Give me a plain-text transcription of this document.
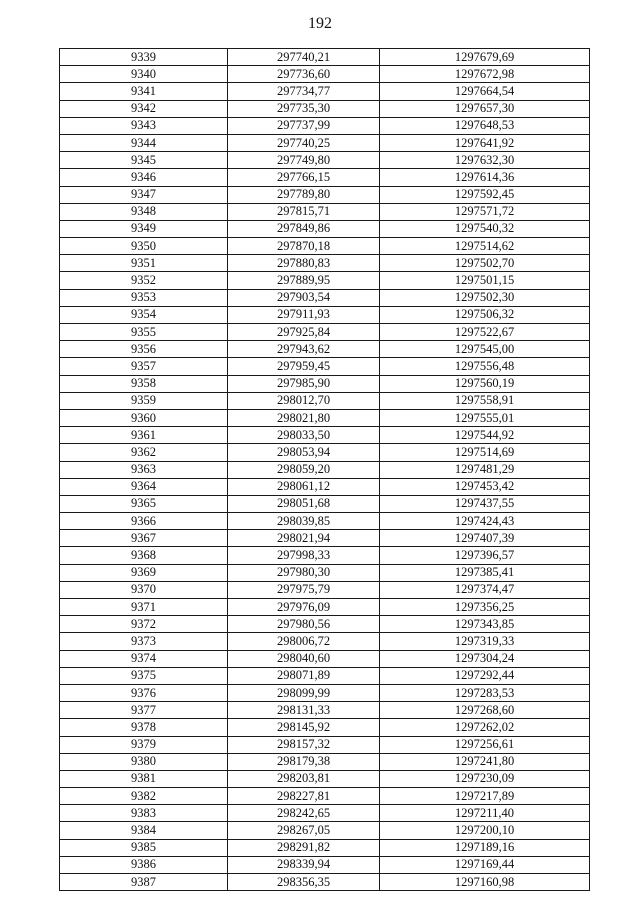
192
9339	297740,21	1297679,69
9340	297736,60	1297672,98
9341	297734,77	1297664,54
9342	297735,30	1297657,30
9343	297737,99	1297648,53
9344	297740,25	1297641,92
9345	297749,80	1297632,30
9346	297766,15	1297614,36
9347	297789,80	1297592,45
9348	297815,71	1297571,72
9349	297849,86	1297540,32
9350	297870,18	1297514,62
9351	297880,83	1297502,70
9352	297889,95	1297501,15
9353	297903,54	1297502,30
9354	297911,93	1297506,32
9355	297925,84	1297522,67
9356	297943,62	1297545,00
9357	297959,45	1297556,48
9358	297985,90	1297560,19
9359	298012,70	1297558,91
9360	298021,80	1297555,01
9361	298033,50	1297544,92
9362	298053,94	1297514,69
9363	298059,20	1297481,29
9364	298061,12	1297453,42
9365	298051,68	1297437,55
9366	298039,85	1297424,43
9367	298021,94	1297407,39
9368	297998,33	1297396,57
9369	297980,30	1297385,41
9370	297975,79	1297374,47
9371	297976,09	1297356,25
9372	297980,56	1297343,85
9373	298006,72	1297319,33
9374	298040,60	1297304,24
9375	298071,89	1297292,44
9376	298099,99	1297283,53
9377	298131,33	1297268,60
9378	298145,92	1297262,02
9379	298157,32	1297256,61
9380	298179,38	1297241,80
9381	298203,81	1297230,09
9382	298227,81	1297217,89
9383	298242,65	1297211,40
9384	298267,05	1297200,10
9385	298291,82	1297189,16
9386	298339,94	1297169,44
9387	298356,35	1297160,98
